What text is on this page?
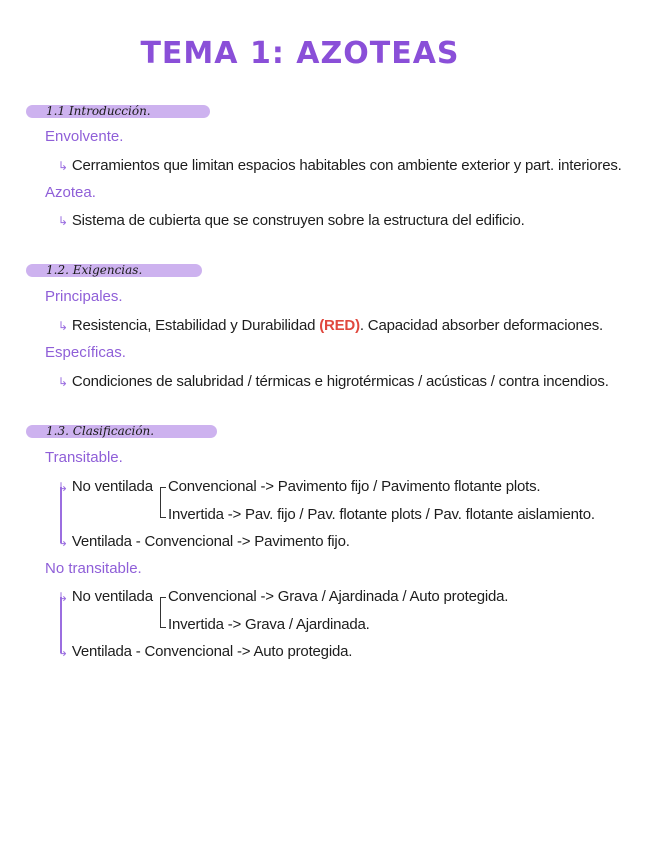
TEMA 1: AZOTEAS
1.1 Introducción.
Envolvente.
↳ Cerramientos que limitan espacios habitables con ambiente exterior y part. interiores.
Azotea.
↳ Sistema de cubierta que se construyen sobre la estructura del edificio.
1.2. Exigencias.
Principales.
↳ Resistencia, Estabilidad y Durabilidad (RED). Capacidad absorber deformaciones.
Específicas.
↳ Condiciones de salubridad / térmicas e higrotérmicas / acústicas / contra incendios.
1.3. Clasificación.
Transitable.
↳ No ventilada Convencional -> Pavimento fijo / Pavimento flotante plots.
Invertida -> Pav. fijo / Pav. flotante plots / Pav. flotante aislamiento.
↳ Ventilada - Convencional -> Pavimento fijo.
No transitable.
↳ No ventilada Convencional -> Grava / Ajardinada / Auto protegida.
Invertida -> Grava / Ajardinada.
↳ Ventilada - Convencional -> Auto protegida.
